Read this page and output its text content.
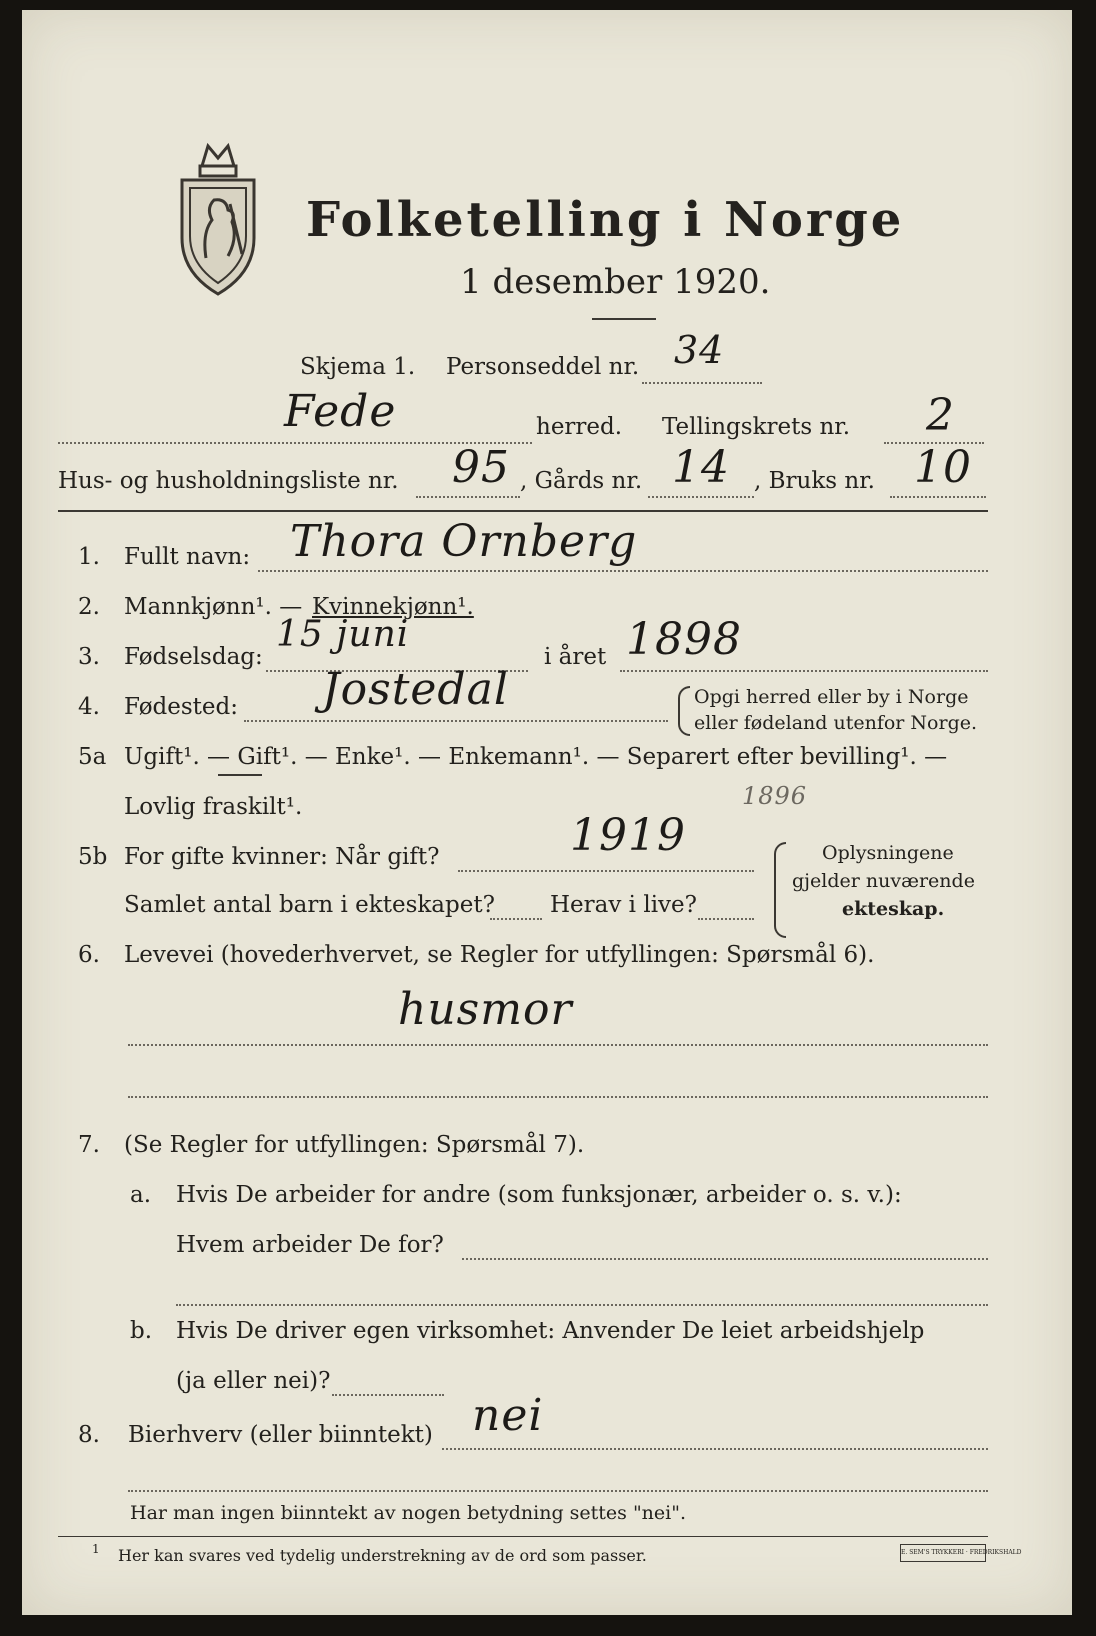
Folketelling i Norge
1 desember 1920.
Skjema 1. Personseddel nr. 34
Fede	herred. Tellingskrets nr. 2
Hus- og husholdningsliste nr. 95 , Gårds nr. 14 , Bruks nr. 10
1. Fullt navn: Thora Ornberg
2. Mannkjønn¹. — Kvinnekjønn¹.
3. Fødselsdag:
15 juni
i året 1898
4. Fødested: Jostedal	Opgi herred eller by i Norge
eller fødeland utenfor Norge.
5a Ugift¹. — Gift¹. — Enke¹. — Enkemann¹. — Separert efter bevilling¹. —
Lovlig fraskilt¹.	1896
5b For gifte kvinner: Når gift?	1919
Samlet antal barn i ekteskapet? Herav i live?
Oplysningene
gjelder nuværende
ekteskap.
6. Levevei (hovederhvervet, se Regler for utfyllingen: Spørsmål 6).
husmor
7. (Se Regler for utfyllingen: Spørsmål 7).
a. Hvis De arbeider for andre (som funksjonær, arbeider o. s. v.):
Hvem arbeider De for?
b. Hvis De driver egen virksomhet: Anvender De leiet arbeidshjelp
(ja eller nei)?
8. Bierhverv (eller biinntekt) nei
Har man ingen biinntekt av nogen betydning settes "nei".
1 Her kan svares ved tydelig understrekning av de ord som passer.	E. SEM'S TRYKKERI · FREDRIKSHALD
